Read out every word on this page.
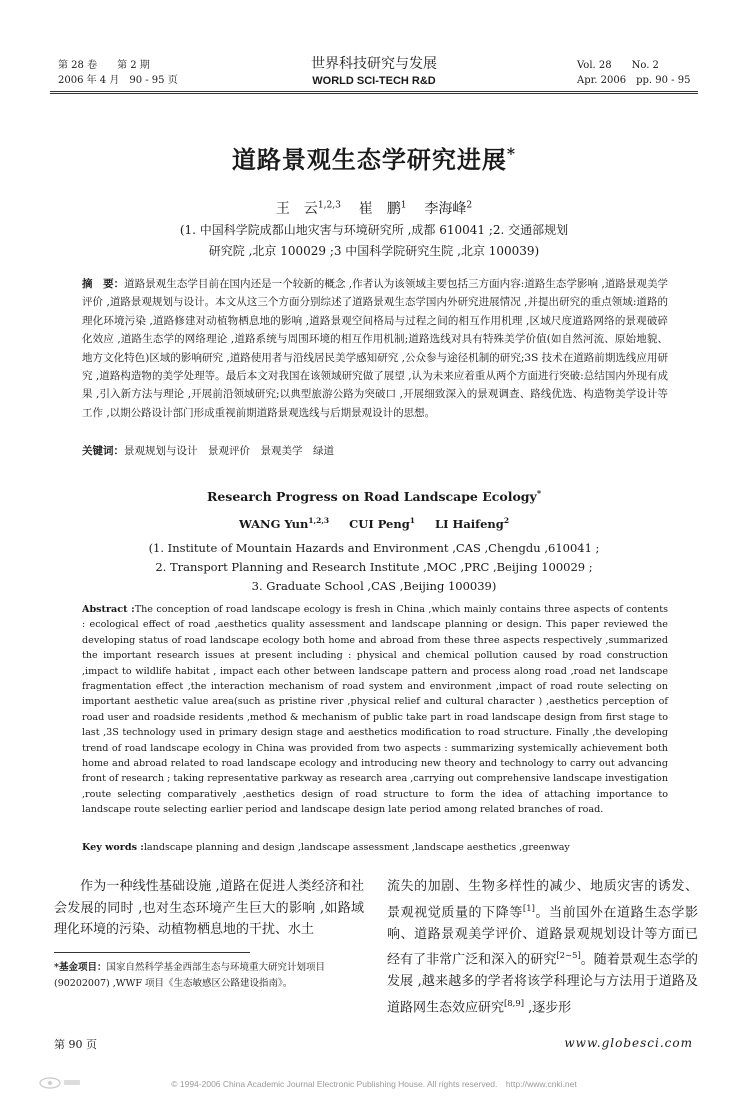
第 28 卷　　第 2 期
2006 年 4 月　90 - 95 页
世界科技研究与发展
WORLD SCI-TECH R&D
Vol. 28　　No. 2
Apr. 2006　pp. 90 - 95
道路景观生态学研究进展*
王　云$^{1,2,3}$ 崔　鹏$^1$ 李海峰$^2$
(1. 中国科学院成都山地灾害与环境研究所 ,成都 610041 ;2. 交通部规划
研究院 ,北京 100029 ;3 中国科学院研究生院 ,北京 100039)
摘　要：道路景观生态学目前在国内还是一个较新的概念 ,作者认为该领域主要包括三方面内容:道路生态学影响 ,道路景观美学评价 ,道路景观规划与设计。本文从这三个方面分别综述了道路景观生态学国内外研究进展情况 ,并提出研究的重点领域:道路的理化环境污染 ,道路修建对动植物栖息地的影响 ,道路景观空间格局与过程之间的相互作用机理 ,区域尺度道路网络的景观破碎化效应 ,道路生态学的网络理论 ,道路系统与周围环境的相互作用机制;道路选线对具有特殊美学价值(如自然河流、原始地貌、地方文化特色)区域的影响研究 ,道路使用者与沿线居民美学感知研究 ,公众参与途径机制的研究;3S 技术在道路前期选线应用研究 ,道路构造物的美学处理等。最后本文对我国在该领域研究做了展望 ,认为未来应着重从两个方面进行突破:总结国内外现有成果 ,引入新方法与理论 ,开展前沿领域研究;以典型旅游公路为突破口 ,开展细致深入的景观调查、路线优选、构造物美学设计等工作 ,以期公路设计部门形成重视前期道路景观选线与后期景观设计的思想。
关键词：景观规划与设计　景观评价　景观美学　绿道
Research Progress on Road Landscape Ecology*
WANG Yun$^{1,2,3}$ CUI Peng$^1$ LI Haifeng$^2$
(1. Institute of Mountain Hazards and Environment ,CAS ,Chengdu ,610041 ;
2. Transport Planning and Research Institute ,MOC ,PRC ,Beijing 100029 ;
3. Graduate School ,CAS ,Beijing 100039)
Abstract :The conception of road landscape ecology is fresh in China ,which mainly contains three aspects of contents : ecological effect of road ,aesthetics quality assessment and landscape planning or design. This paper reviewed the developing status of road landscape ecology both home and abroad from these three aspects respectively ,summarized the important research issues at present including : physical and chemical pollution caused by road construction ,impact to wildlife habitat , impact each other between landscape pattern and process along road ,road net landscape fragmentation effect ,the interaction mechanism of road system and environment ,impact of road route selecting on important aesthetic value area(such as pristine river ,physical relief and cultural character ) ,aesthetics perception of road user and roadside residents ,method & mechanism of public take part in road landscape design from first stage to last ,3S technology used in primary design stage and aesthetics modification to road structure. Finally ,the developing trend of road landscape ecology in China was provided from two aspects : summarizing systemically achievement both home and abroad related to road landscape ecology and introducing new theory and technology to carry out advancing front of research ; taking representative parkway as research area ,carrying out comprehensive landscape investigation ,route selecting comparatively ,aesthetics design of road structure to form the idea of attaching importance to landscape route selecting earlier period and landscape design late period among related branches of road.
Key words :landscape planning and design ,landscape assessment ,landscape aesthetics ,greenway
作为一种线性基础设施 ,道路在促进人类经济和社会发展的同时 ,也对生态环境产生巨大的影响 ,如路域理化环境的污染、动植物栖息地的干扰、水土
流失的加剧、生物多样性的减少、地质灾害的诱发、景观视觉质量的下降等[1]。当前国外在道路生态学影响、道路景观美学评价、道路景观规划设计等方面已经有了非常广泛和深入的研究[2~5]。随着景观生态学的发展 ,越来越多的学者将该学科理论与方法用于道路及道路网生态效应研究[8,9] ,逐步形
*基金项目：国家自然科学基金西部生态与环境重大研究计划项目(90202007) ,WWF 项目《生态敏感区公路建设指南》。
第 90 页	www.globesci.com
© 1994-2006 China Academic Journal Electronic Publishing House. All rights reserved.　http://www.cnki.net
